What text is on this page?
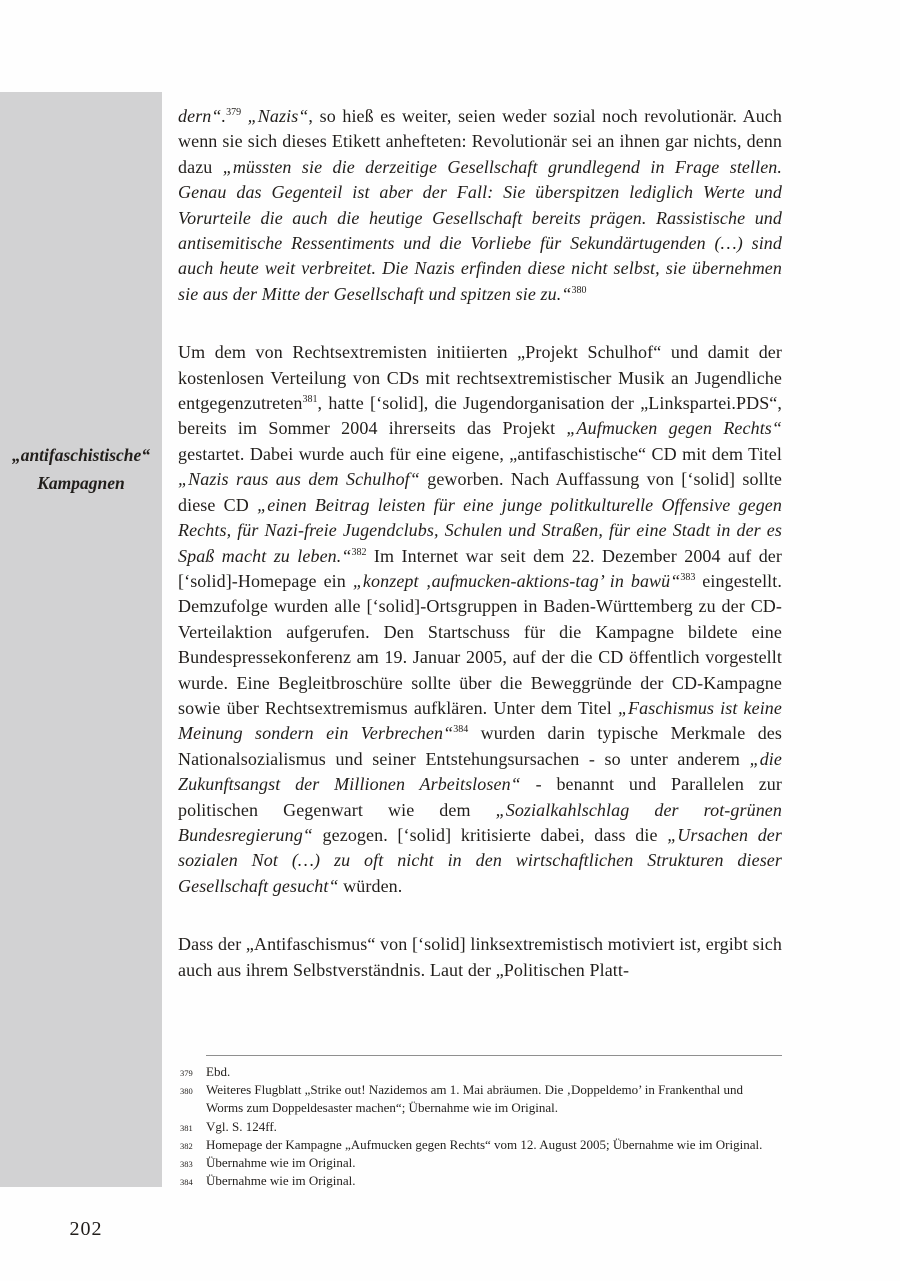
„antifaschistische“
Kampagnen

dern“.$^{379}$ „Nazis“, so hieß es weiter, seien weder sozial noch revolutionär. Auch wenn sie sich dieses Etikett anhefteten: Revolutionär sei an ihnen gar nichts, denn dazu „müssten sie die derzeitige Gesellschaft grundlegend in Frage stellen. Genau das Gegenteil ist aber der Fall: Sie überspitzen lediglich Werte und Vorurteile die auch die heutige Gesellschaft bereits prägen. Rassistische und antisemitische Ressentiments und die Vorliebe für Sekundärtugenden (…) sind auch heute weit verbreitet. Die Nazis erfinden diese nicht selbst, sie übernehmen sie aus der Mitte der Gesellschaft und spitzen sie zu.“$^{380}$

Um dem von Rechtsextremisten initiierten „Projekt Schulhof“ und damit der kostenlosen Verteilung von CDs mit rechtsextremistischer Musik an Jugendliche entgegenzutreten$^{381}$, hatte [‘solid], die Jugendorganisation der „Linkspartei.PDS“, bereits im Sommer 2004 ihrerseits das Projekt „Aufmucken gegen Rechts“ gestartet. Dabei wurde auch für eine eigene, „antifaschistische“ CD mit dem Titel „Nazis raus aus dem Schulhof“ geworben. Nach Auffassung von [‘solid] sollte diese CD „einen Beitrag leisten für eine junge politkulturelle Offensive gegen Rechts, für Nazi-freie Jugendclubs, Schulen und Straßen, für eine Stadt in der es Spaß macht zu leben.“$^{382}$ Im Internet war seit dem 22. Dezember 2004 auf der [‘solid]-Homepage ein „konzept ‚aufmucken-aktions-tag’ in bawü“$^{383}$ eingestellt. Demzufolge wurden alle [‘solid]-Ortsgruppen in Baden-Württemberg zu der CD-Verteilaktion aufgerufen. Den Startschuss für die Kampagne bildete eine Bundespressekonferenz am 19. Januar 2005, auf der die CD öffentlich vorgestellt wurde. Eine Begleitbroschüre sollte über die Beweggründe der CD-Kampagne sowie über Rechtsextremismus aufklären. Unter dem Titel „Faschismus ist keine Meinung sondern ein Verbrechen“$^{384}$ wurden darin typische Merkmale des Nationalsozialismus und seiner Entstehungsursachen - so unter anderem „die Zukunftsangst der Millionen Arbeitslosen“ - benannt und Parallelen zur politischen Gegenwart wie dem „Sozialkahlschlag der rot-grünen Bundesregierung“ gezogen. [‘solid] kritisierte dabei, dass die „Ursachen der sozialen Not (…) zu oft nicht in den wirtschaftlichen Strukturen dieser Gesellschaft gesucht“ würden.

Dass der „Antifaschismus“ von [‘solid] linksextremistisch motiviert ist, ergibt sich auch aus ihrem Selbstverständnis. Laut der „Politischen Platt-

379 Ebd.
380 Weiteres Flugblatt „Strike out! Nazidemos am 1. Mai abräumen. Die ‚Doppeldemo’ in Frankenthal und Worms zum Doppeldesaster machen“; Übernahme wie im Original.
381 Vgl. S. 124ff.
382 Homepage der Kampagne „Aufmucken gegen Rechts“ vom 12. August 2005; Übernahme wie im Original.
383 Übernahme wie im Original.
384 Übernahme wie im Original.
202
